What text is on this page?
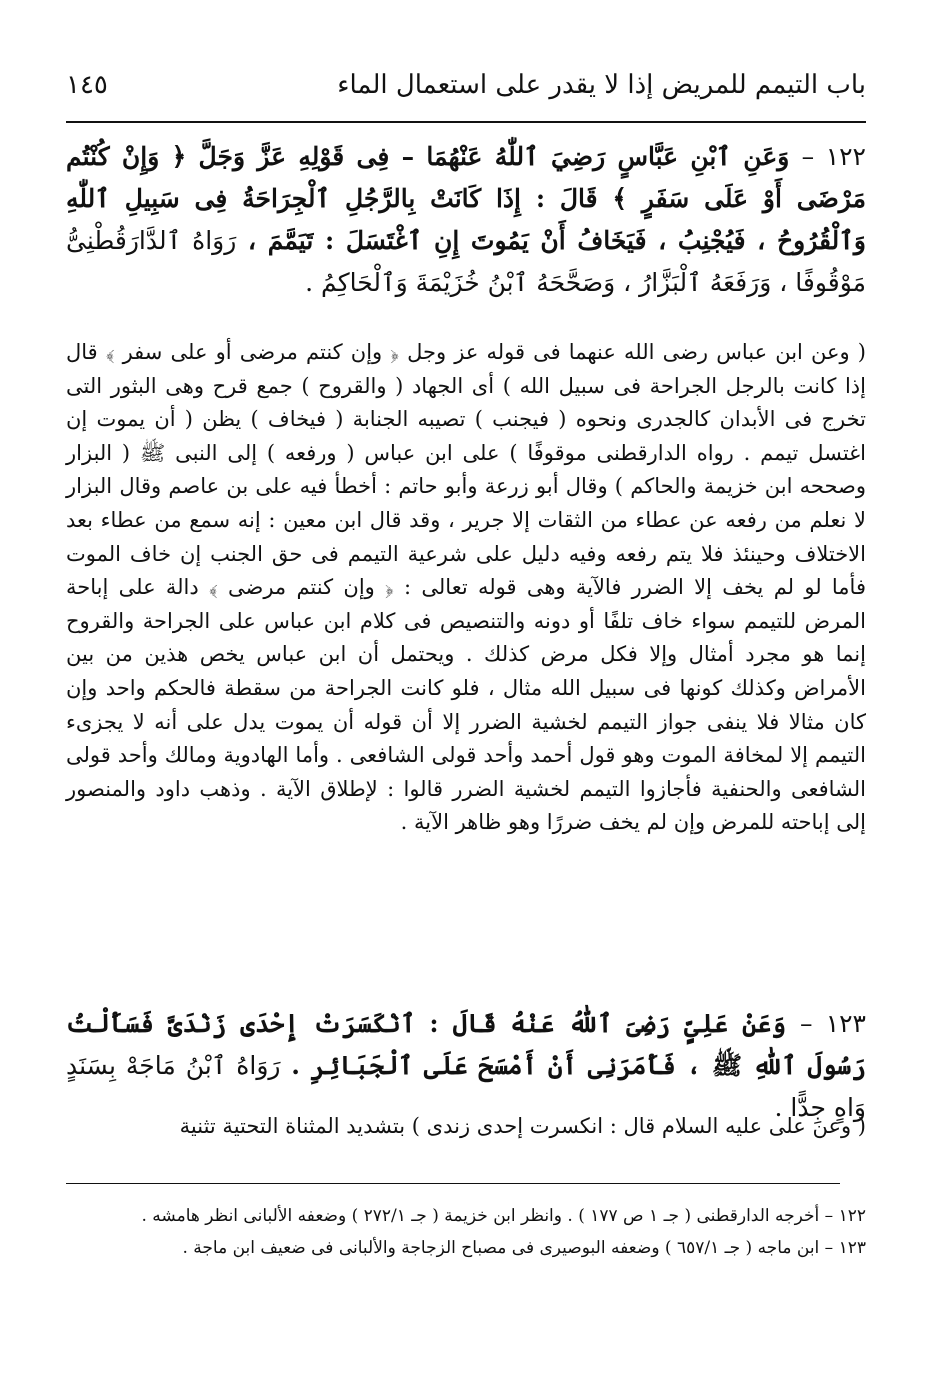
باب التيمم للمريض إذا لا يقدر على استعمال الماء
١٤٥
١٢٢ – وَعَنِ ٱبْنِ عَبَّاسٍ رَضِيَ ٱللّٰهُ عَنْهُمَا – فِى قَوْلِهِ عَزَّ وَجَلَّ ﴿ وَإِنْ كُنْتُم مَرْضَى أَوْ عَلَى سَفَرٍ ﴾ قَالَ : إِذَا كَانَتْ بِالرَّجُلِ ٱلْجِرَاحَةُ فِى سَبِيلِ ٱللّٰهِ وَٱلْقُرُوحُ ، فَيُجْنِبُ ، فَيَخَافُ أَنْ يَمُوتَ إِنِ ٱغْتَسَلَ : تَيَمَّمَ ، رَوَاهُ ٱلدَّارَقُطْنِىُّ مَوْقُوفًا ، وَرَفَعَهُ ٱلْبَزَّارُ ، وَصَحَّحَهُ ٱبْنُ خُزَيْمَةَ وَٱلْحَاكِمُ .
( وعن ابن عباس رضى الله عنهما فى قوله عز وجل ﴿ وإن كنتم مرضى أو على سفر ﴾ قال إذا كانت بالرجل الجراحة فى سبيل الله ) أى الجهاد ( والقروح ) جمع قرح وهى البثور التى تخرج فى الأبدان كالجدرى ونحوه ( فيجنب ) تصيبه الجنابة ( فيخاف ) يظن ( أن يموت إن اغتسل تيمم . رواه الدارقطنى موقوفًا ) على ابن عباس ( ورفعه ) إلى النبى ﷺ ( البزار وصححه ابن خزيمة والحاكم ) وقال أبو زرعة وأبو حاتم : أخطأ فيه على بن عاصم وقال البزار لا نعلم من رفعه عن عطاء من الثقات إلا جرير ، وقد قال ابن معين : إنه سمع من عطاء بعد الاختلاف وحينئذ فلا يتم رفعه وفيه دليل على شرعية التيمم فى حق الجنب إن خاف الموت فأما لو لم يخف إلا الضرر فالآية وهى قوله تعالى : ﴿ وإن كنتم مرضى ﴾ دالة على إباحة المرض للتيمم سواء خاف تلفًا أو دونه والتنصيص فى كلام ابن عباس على الجراحة والقروح إنما هو مجرد أمثال وإلا فكل مرض كذلك . ويحتمل أن ابن عباس يخص هذين من بين الأمراض وكذلك كونها فى سبيل الله مثال ، فلو كانت الجراحة من سقطة فالحكم واحد وإن كان مثالا فلا ينفى جواز التيمم لخشية الضرر إلا أن قوله أن يموت يدل على أنه لا يجزىء التيمم إلا لمخافة الموت وهو قول أحمد وأحد قولى الشافعى . وأما الهادوية ومالك وأحد قولى الشافعى والحنفية فأجازوا التيمم لخشية الضرر قالوا : لإطلاق الآية . وذهب داود والمنصور إلى إباحته للمرض وإن لم يخف ضررًا وهو ظاهر الآية .
١٢٣ – وَعَنْ عَلِىٍّ رَضِىَ ٱللّٰهُ عَنْهُ قَالَ : ٱنْكَسَرَتْ إِحْدَى زَنْدَىَّ فَسَأَلْتُ رَسُولَ ٱللّٰهِ ﷺ ، فَأَمَرَنِى أَنْ أَمْسَحَ عَلَى ٱلْجَبَائِرِ . رَوَاهُ ٱبْنُ مَاجَهْ بِسَنَدٍ وَاهٍ جِدًّا .
( وعن على عليه السلام قال : انكسرت إحدى زندى ) بتشديد المثناة التحتية تثنية

١٢٢ – أخرجه الدارقطنى ( جـ ١ ص ١٧٧ ) . وانظر ابن خزيمة ( جـ ٢٧٢/١ ) وضعفه الألبانى انظر هامشه .

١٢٣ – ابن ماجه ( جـ ٦٥٧/١ ) وضعفه البوصيرى فى مصباح الزجاجة والألبانى فى ضعيف ابن ماجة .
